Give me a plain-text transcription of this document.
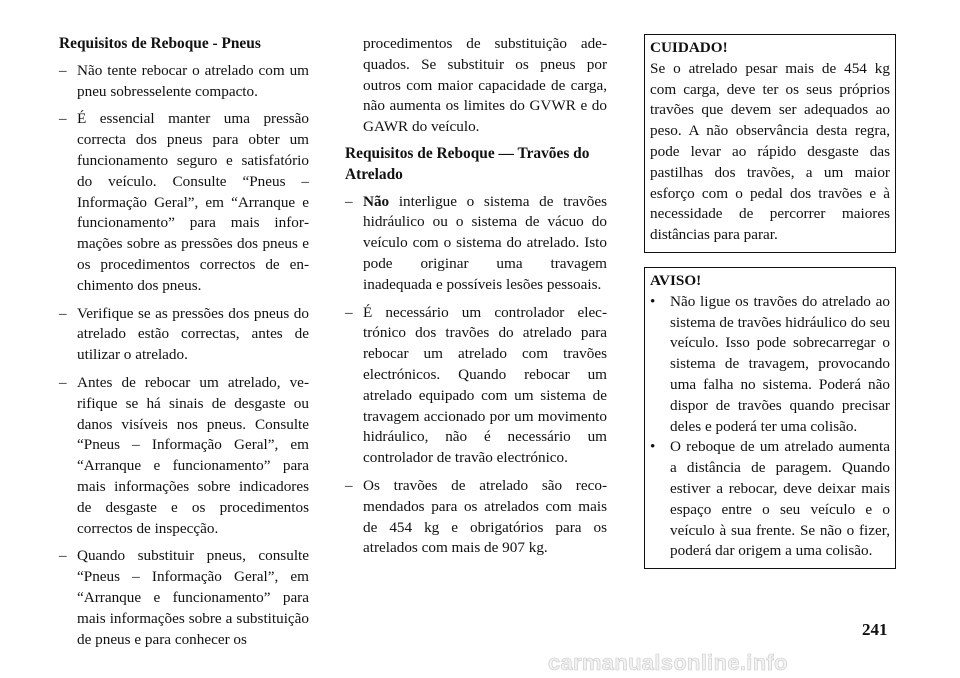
Requisitos de Reboque - Pneus

– Não tente rebocar o atrelado com um pneu sobresselente compacto.

– É essencial manter uma pressão correcta dos pneus para obter um funcionamento seguro e satisfatório do veículo. Consulte “Pneus – Informação Geral”, em “Arranque e funcionamento” para mais informações sobre as pressões dos pneus e os procedimentos correctos de enchimento dos pneus.

– Verifique se as pressões dos pneus do atrelado estão correctas, antes de utilizar o atrelado.

– Antes de rebocar um atrelado, verifique se há sinais de desgaste ou danos visíveis nos pneus. Consulte “Pneus – Informação Geral”, em “Arranque e funcionamento” para mais informações sobre indicadores de desgaste e os procedimentos correctos de inspecção.

– Quando substituir pneus, consulte “Pneus – Informação Geral”, em “Arranque e funcionamento” para mais informações sobre a substituição de pneus e para conhecer os

procedimentos de substituição adequados. Se substituir os pneus por outros com maior capacidade de carga, não aumenta os limites do GVWR e do GAWR do veículo.

Requisitos de Reboque — Travões do Atrelado

– Não interligue o sistema de travões hidráulico ou o sistema de vácuo do veículo com o sistema do atrelado. Isto pode originar uma travagem inadequada e possíveis lesões pessoais.

– É necessário um controlador electrónico dos travões do atrelado para rebocar um atrelado com travões electrónicos. Quando rebocar um atrelado equipado com um sistema de travagem accionado por um movimento hidráulico, não é necessário um controlador de travão electrónico.

– Os travões de atrelado são recomendados para os atrelados com mais de 454 kg e obrigatórios para os atrelados com mais de 907 kg.

CUIDADO!

Se o atrelado pesar mais de 454 kg com carga, deve ter os seus próprios travões que devem ser adequados ao peso. A não observância desta regra, pode levar ao rápido desgaste das pastilhas dos travões, a um maior esforço com o pedal dos travões e à necessidade de percorrer maiores distâncias para parar.

AVISO!

• Não ligue os travões do atrelado ao sistema de travões hidráulico do seu veículo. Isso pode sobrecarregar o sistema de travagem, provocando uma falha no sistema. Poderá não dispor de travões quando precisar deles e poderá ter uma colisão.

• O reboque de um atrelado aumenta a distância de paragem. Quando estiver a rebocar, deve deixar mais espaço entre o seu veículo e o veículo à sua frente. Se não o fizer, poderá dar origem a uma colisão.

241
carmanualsonline.info
